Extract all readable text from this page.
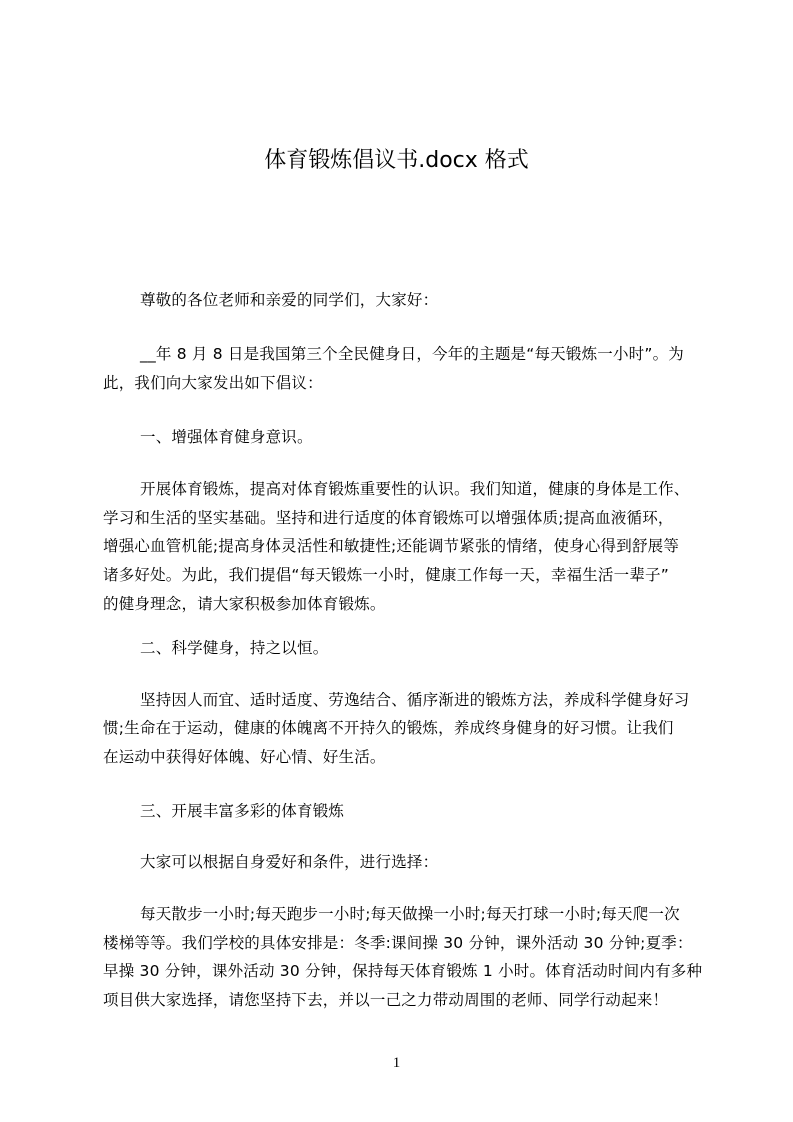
体育锻炼倡议书.docx 格式
尊敬的各位老师和亲爱的同学们，大家好：
__年 8 月 8 日是我国第三个全民健身日，今年的主题是“每天锻炼一小时”。为
此，我们向大家发出如下倡议：
一、增强体育健身意识。
开展体育锻炼，提高对体育锻炼重要性的认识。我们知道，健康的身体是工作、
学习和生活的坚实基础。坚持和进行适度的体育锻炼可以增强体质;提高血液循环，
增强心血管机能;提高身体灵活性和敏捷性;还能调节紧张的情绪，使身心得到舒展等
诸多好处。为此，我们提倡“每天锻炼一小时，健康工作每一天，幸福生活一辈子”
的健身理念，请大家积极参加体育锻炼。
二、科学健身，持之以恒。
坚持因人而宜、适时适度、劳逸结合、循序渐进的锻炼方法，养成科学健身好习
惯;生命在于运动，健康的体魄离不开持久的锻炼，养成终身健身的好习惯。让我们
在运动中获得好体魄、好心情、好生活。
三、开展丰富多彩的体育锻炼
大家可以根据自身爱好和条件，进行选择：
每天散步一小时;每天跑步一小时;每天做操一小时;每天打球一小时;每天爬一次
楼梯等等。我们学校的具体安排是：冬季:课间操 30 分钟，课外活动 30 分钟;夏季：
早操 30 分钟，课外活动 30 分钟，保持每天体育锻炼 1 小时。体育活动时间内有多种
项目供大家选择，请您坚持下去，并以一己之力带动周围的老师、同学行动起来！
1
